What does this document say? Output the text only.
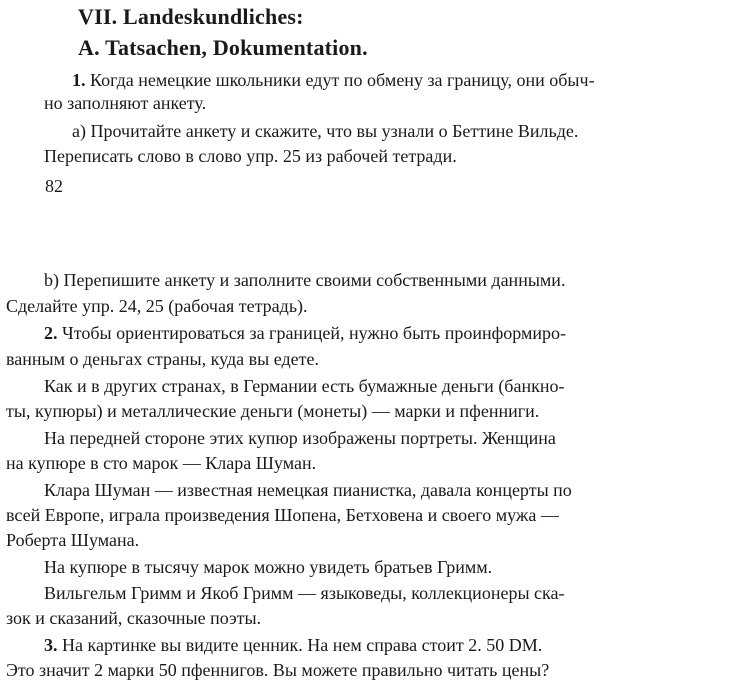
VII. Landeskundliches:
A. Tatsachen, Dokumentation.
1. Когда немецкие школьники едут по обмену за границу, они обыч-
но заполняют анкету.
а) Прочитайте анкету и скажите, что вы узнали о Беттине Вильде.
Переписать слово в слово упр. 25 из рабочей тетради.
82
b) Перепишите анкету и заполните своими собственными данными.
Сделайте упр. 24, 25 (рабочая тетрадь).
2. Чтобы ориентироваться за границей, нужно быть проинформиро-
ванным о деньгах страны, куда вы едете.
Как и в других странах, в Германии есть бумажные деньги (банкно-
ты, купюры) и металлические деньги (монеты) — марки и пфенниги.
На передней стороне этих купюр изображены портреты. Женщина
на купюре в сто марок — Клара Шуман.
Клара Шуман — известная немецкая пианистка, давала концерты по
всей Европе, играла произведения Шопена, Бетховена и своего мужа —
Роберта Шумана.
На купюре в тысячу марок можно увидеть братьев Гримм.
Вильгельм Гримм и Якоб Гримм — языковеды, коллекционеры ска-
зок и сказаний, сказочные поэты.
3. На картинке вы видите ценник. На нем справа стоит 2. 50 DM.
Это значит 2 марки 50 пфеннигов. Вы можете правильно читать цены?
